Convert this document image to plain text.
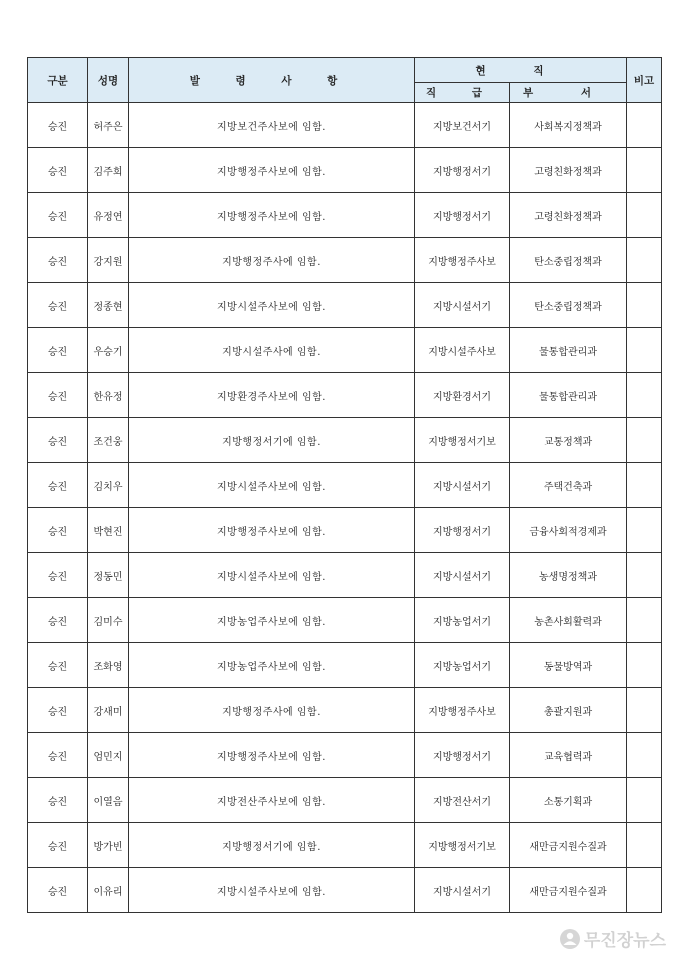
구분	성명	발 령 사 항	현 직		비고
			직 급	부 서	
승진	허주은	지방보건주사보에 임함.	지방보건서기	사회복지정책과	
승진	김주희	지방행정주사보에 임함.	지방행정서기	고령친화정책과	
승진	유정연	지방행정주사보에 임함.	지방행정서기	고령친화정책과	
승진	강지원	지방행정주사에 임함.	지방행정주사보	탄소중립정책과	
승진	정종현	지방시설주사보에 임함.	지방시설서기	탄소중립정책과	
승진	우승기	지방시설주사에 임함.	지방시설주사보	물통합관리과	
승진	한유정	지방환경주사보에 임함.	지방환경서기	물통합관리과	
승진	조건웅	지방행정서기에 임함.	지방행정서기보	교통정책과	
승진	김치우	지방시설주사보에 임함.	지방시설서기	주택건축과	
승진	박현진	지방행정주사보에 임함.	지방행정서기	금융사회적경제과	
승진	정동민	지방시설주사보에 임함.	지방시설서기	농생명정책과	
승진	김미수	지방농업주사보에 임함.	지방농업서기	농촌사회활력과	
승진	조화영	지방농업주사보에 임함.	지방농업서기	동물방역과	
승진	강새미	지방행정주사에 임함.	지방행정주사보	총괄지원과	
승진	엄민지	지방행정주사보에 임함.	지방행정서기	교육협력과	
승진	이열음	지방전산주사보에 임함.	지방전산서기	소통기획과	
승진	방가빈	지방행정서기에 임함.	지방행정서기보	새만금지원수질과	
승진	이유리	지방시설주사보에 임함.	지방시설서기	새만금지원수질과	
무진장뉴스
